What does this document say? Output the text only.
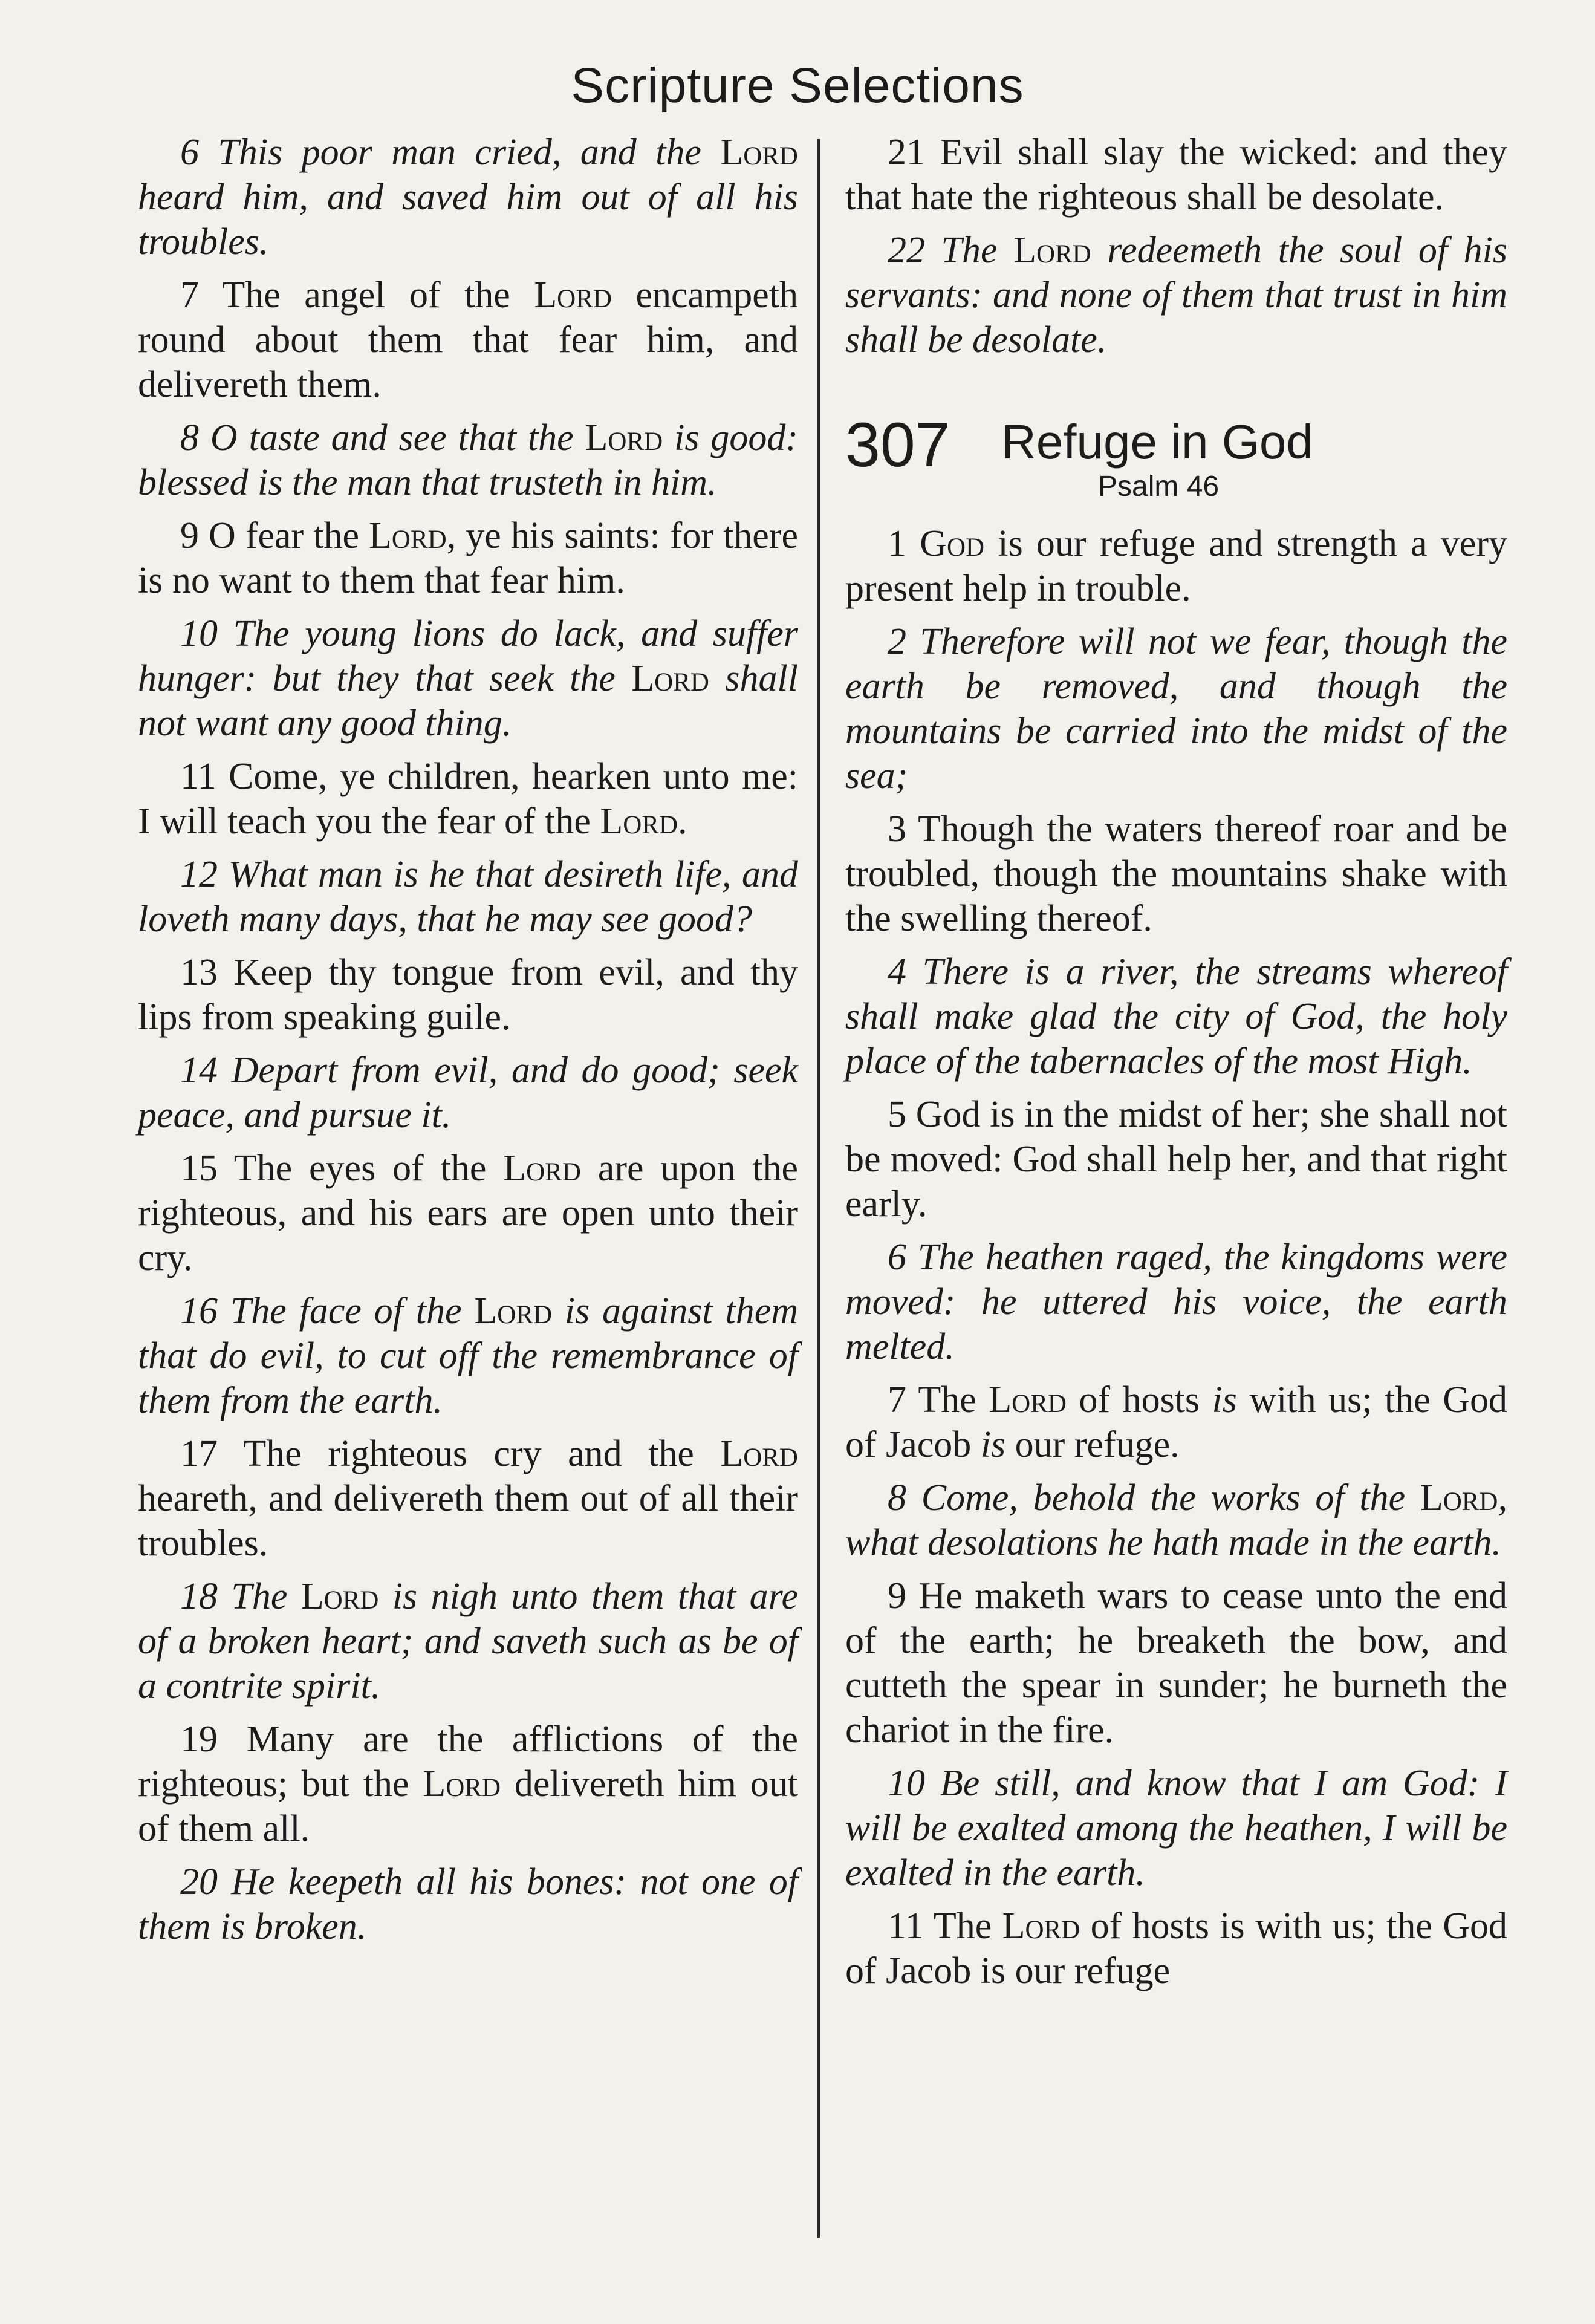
Scripture Selections

6 This poor man cried, and the Lord heard him, and saved him out of all his troubles.

7 The angel of the Lord encampeth round about them that fear him, and delivereth them.

8 O taste and see that the Lord is good: blessed is the man that trusteth in him.

9 O fear the Lord, ye his saints: for there is no want to them that fear him.

10 The young lions do lack, and suffer hunger: but they that seek the Lord shall not want any good thing.

11 Come, ye children, hearken unto me: I will teach you the fear of the Lord.

12 What man is he that desireth life, and loveth many days, that he may see good?

13 Keep thy tongue from evil, and thy lips from speaking guile.

14 Depart from evil, and do good; seek peace, and pursue it.

15 The eyes of the Lord are upon the righteous, and his ears are open unto their cry.

16 The face of the Lord is against them that do evil, to cut off the remembrance of them from the earth.

17 The righteous cry and the Lord heareth, and delivereth them out of all their troubles.

18 The Lord is nigh unto them that are of a broken heart; and saveth such as be of a contrite spirit.

19 Many are the afflictions of the righteous; but the Lord delivereth him out of them all.

20 He keepeth all his bones: not one of them is broken.

21 Evil shall slay the wicked: and they that hate the righteous shall be desolate.

22 The Lord redeemeth the soul of his servants: and none of them that trust in him shall be desolate.

307 Refuge in God
Psalm 46

1 God is our refuge and strength a very present help in trouble.

2 Therefore will not we fear, though the earth be removed, and though the mountains be carried into the midst of the sea;

3 Though the waters thereof roar and be troubled, though the mountains shake with the swelling thereof.

4 There is a river, the streams whereof shall make glad the city of God, the holy place of the tabernacles of the most High.

5 God is in the midst of her; she shall not be moved: God shall help her, and that right early.

6 The heathen raged, the kingdoms were moved: he uttered his voice, the earth melted.

7 The Lord of hosts is with us; the God of Jacob is our refuge.

8 Come, behold the works of the Lord, what desolations he hath made in the earth.

9 He maketh wars to cease unto the end of the earth; he breaketh the bow, and cutteth the spear in sunder; he burneth the chariot in the fire.

10 Be still, and know that I am God: I will be exalted among the heathen, I will be exalted in the earth.

11 The Lord of hosts is with us; the God of Jacob is our refuge
